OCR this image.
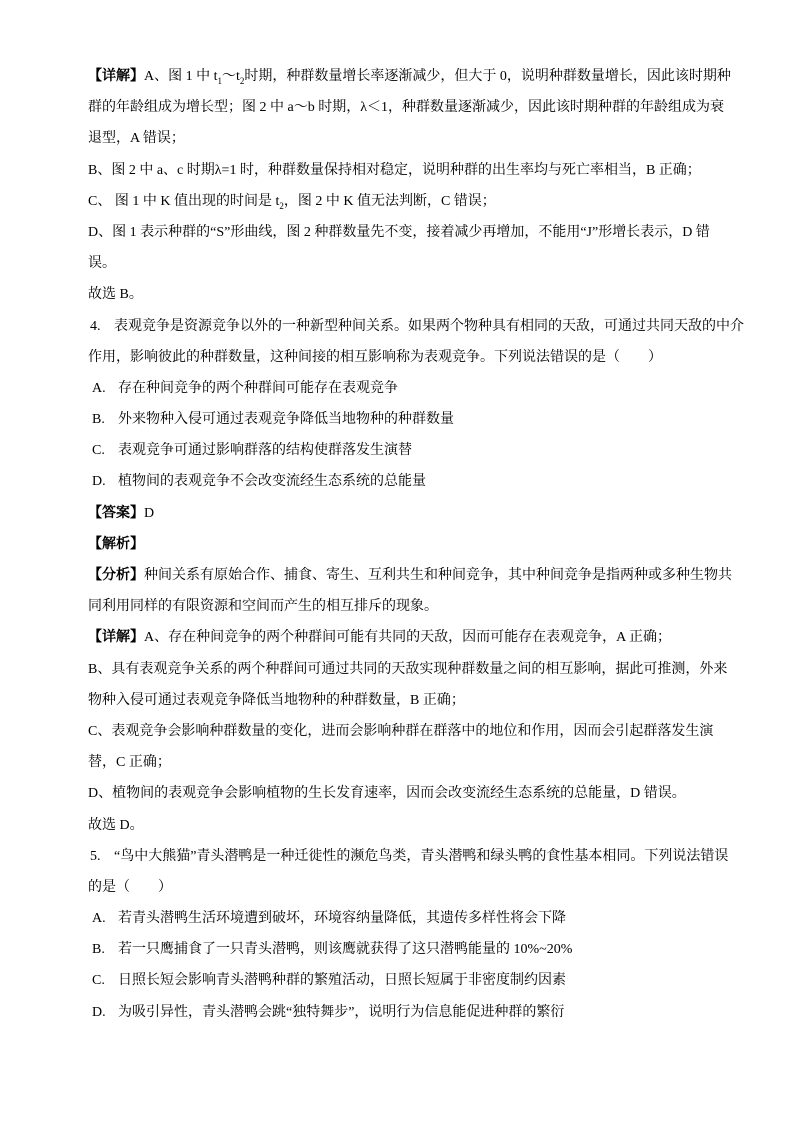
【详解】A、图 1 中 $t_1\sim t_2$时期，种群数量增长率逐渐减少，但大于 0，说明种群数量增长，因此该时期种
群的年龄组成为增长型；图 2 中 a～b 时期，λ＜1，种群数量逐渐减少，因此该时期种群的年龄组成为衰
退型，A 错误；
B、图 2 中 a、c 时期λ=1 时，种群数量保持相对稳定，说明种群的出生率均与死亡率相当，B 正确；
C、 图 1 中 K 值出现的时间是 $t_2$，图 2 中 K 值无法判断，C 错误；
D、图 1 表示种群的“S”形曲线，图 2 种群数量先不变，接着减少再增加，不能用“J”形增长表示，D 错
误。
故选 B。
4. 表观竞争是资源竞争以外的一种新型种间关系。如果两个物种具有相同的天敌，可通过共同天敌的中介
作用，影响彼此的种群数量，这种间接的相互影响称为表观竞争。下列说法错误的是（　　）
A. 存在种间竞争的两个种群间可能存在表观竞争
B. 外来物种入侵可通过表观竞争降低当地物种的种群数量
C. 表观竞争可通过影响群落的结构使群落发生演替
D. 植物间的表观竞争不会改变流经生态系统的总能量
【答案】D
【解析】
【分析】种间关系有原始合作、捕食、寄生、互利共生和种间竞争，其中种间竞争是指两种或多种生物共
同利用同样的有限资源和空间而产生的相互排斥的现象。
【详解】A、存在种间竞争的两个种群间可能有共同的天敌，因而可能存在表观竞争，A 正确；
B、具有表观竞争关系的两个种群间可通过共同的天敌实现种群数量之间的相互影响，据此可推测，外来
物种入侵可通过表观竞争降低当地物种的种群数量，B 正确；
C、表观竞争会影响种群数量的变化，进而会影响种群在群落中的地位和作用，因而会引起群落发生演
替，C 正确；
D、植物间的表观竞争会影响植物的生长发育速率，因而会改变流经生态系统的总能量，D 错误。
故选 D。
5. “鸟中大熊猫”青头潜鸭是一种迁徙性的濒危鸟类，青头潜鸭和绿头鸭的食性基本相同。下列说法错误
的是（　　）
A. 若青头潜鸭生活环境遭到破坏，环境容纳量降低，其遗传多样性将会下降
B. 若一只鹰捕食了一只青头潜鸭，则该鹰就获得了这只潜鸭能量的 10%~20%
C. 日照长短会影响青头潜鸭种群的繁殖活动，日照长短属于非密度制约因素
D. 为吸引异性，青头潜鸭会跳“独特舞步”，说明行为信息能促进种群的繁衍
